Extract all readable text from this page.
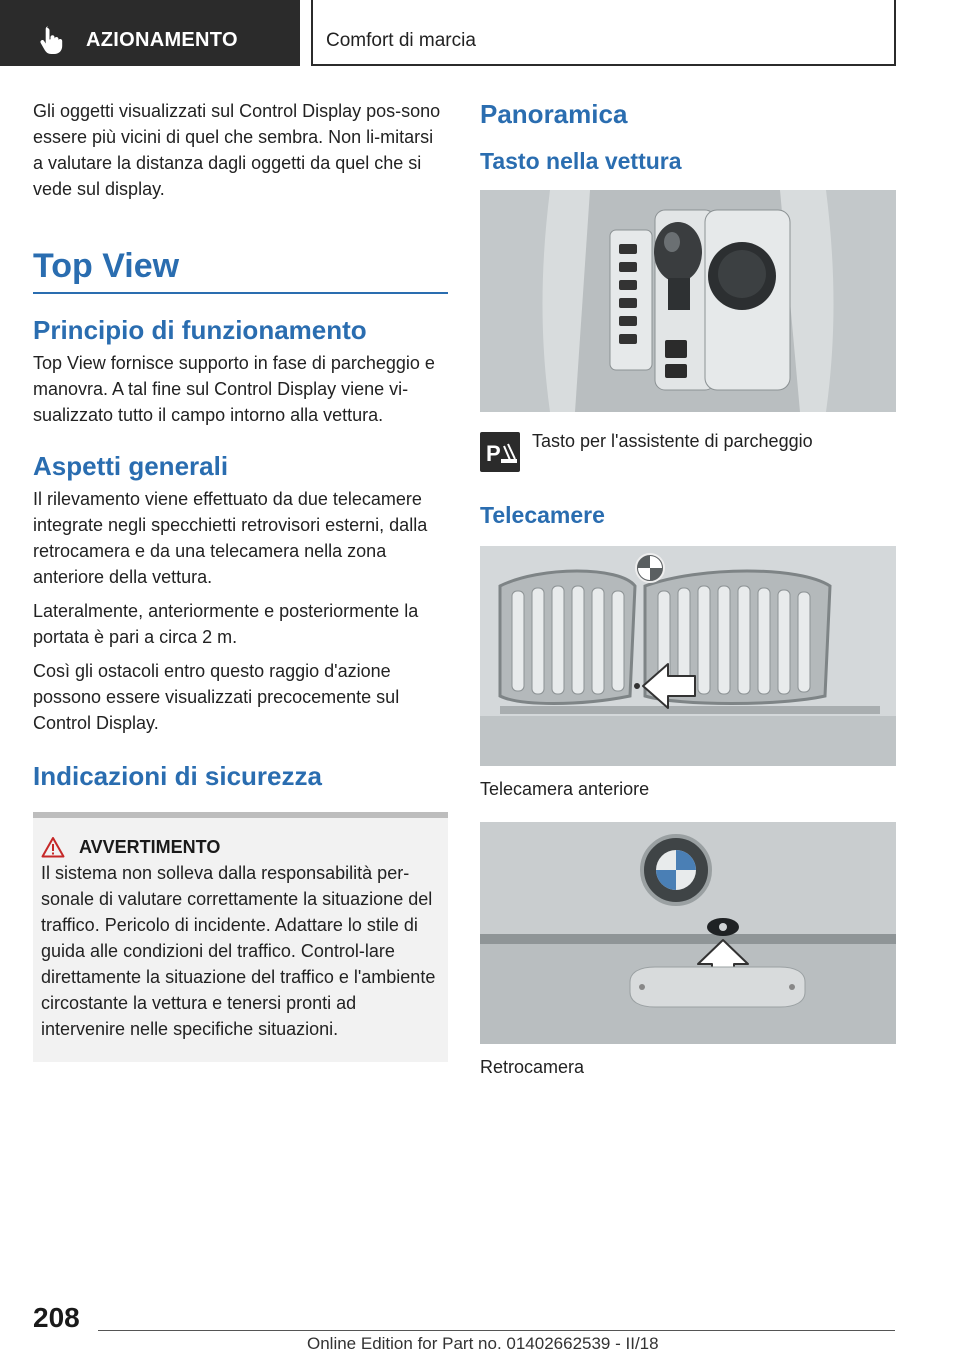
AZIONAMENTO	Comfort di marcia

Gli oggetti visualizzati sul Control Display pos-sono essere più vicini di quel che sembra. Non li-mitarsi a valutare la distanza dagli oggetti da quel che si vede sul display.

Top View
Principio di funzionamento

Top View fornisce supporto in fase di parcheggio e manovra. A tal fine sul Control Display viene vi-sualizzato tutto il campo intorno alla vettura.

Aspetti generali

Il rilevamento viene effettuato da due telecamere integrate negli specchietti retrovisori esterni, dalla retrocamera e da una telecamera nella zona anteriore della vettura.

Lateralmente, anteriormente e posteriormente la portata è pari a circa 2 m.

Così gli ostacoli entro questo raggio d'azione possono essere visualizzati precocemente sul Control Display.

Indicazioni di sicurezza
AVVERTIMENTO

Il sistema non solleva dalla responsabilità per-sonale di valutare correttamente la situazione del traffico. Pericolo di incidente. Adattare lo stile di guida alle condizioni del traffico. Control-lare direttamente la situazione del traffico e l'ambiente circostante la vettura e tenersi pronti ad intervenire nelle specifiche situazioni.

Panoramica
Tasto nella vettura
P Tasto per l'assistente di parcheggio

Telecamere

Telecamera anteriore

Retrocamera

208
Online Edition for Part no. 01402662539 - II/18
